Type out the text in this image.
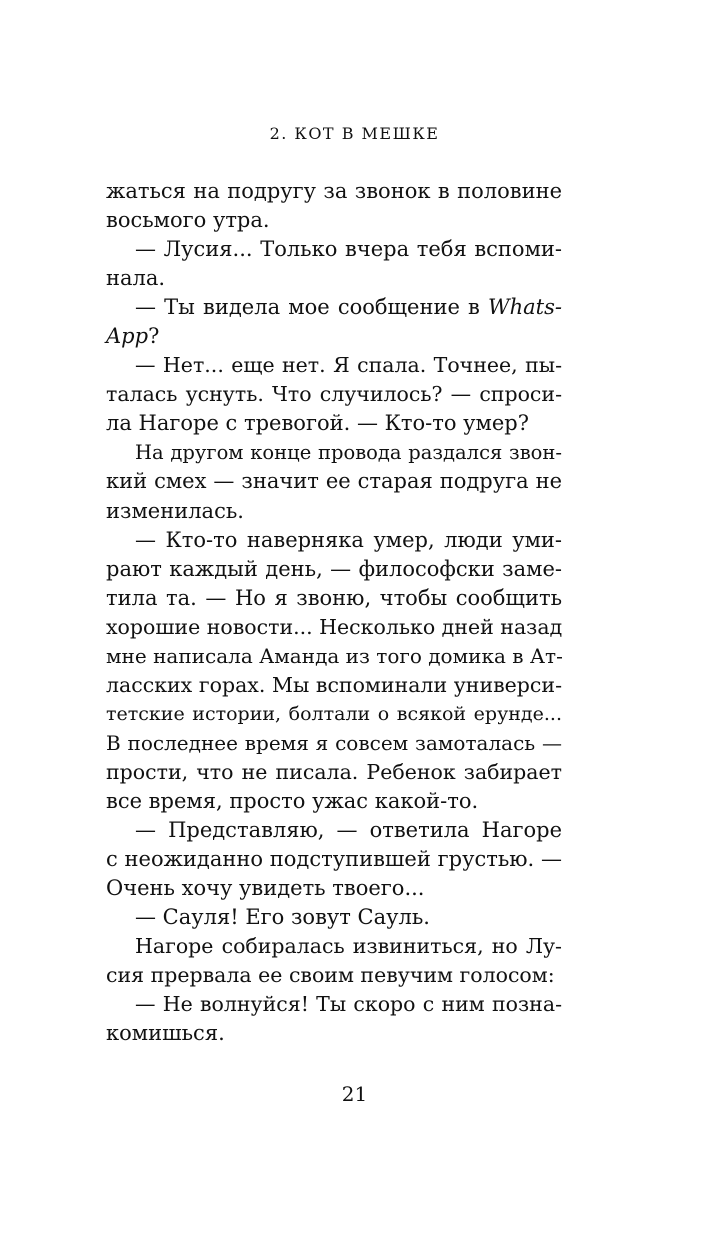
2. КОТ В МЕШКЕ
жаться на подругу за звонок в половине
восьмого утра.
— Лусия... Только вчера тебя вспоми-
нала.
— Ты видела мое сообщение в Whats-
App?
— Нет... еще нет. Я спала. Точнее, пы-
талась уснуть. Что случилось? — спроси-
ла Нагоре с тревогой. — Кто-то умер?
На другом конце провода раздался звон-
кий смех — значит ее старая подруга не
изменилась.
— Кто-то наверняка умер, люди уми-
рают каждый день, — философски заме-
тила та. — Но я звоню, чтобы сообщить
хорошие новости... Несколько дней назад
мне написала Аманда из того домика в Ат-
ласских горах. Мы вспоминали универси-
тетские истории, болтали о всякой ерунде...
В последнее время я совсем замоталась —
прости, что не писала. Ребенок забирает
все время, просто ужас какой-то.
— Представляю, — ответила Нагоре
с неожиданно подступившей грустью. —
Очень хочу увидеть твоего...
— Сауля! Его зовут Сауль.
Нагоре собиралась извиниться, но Лу-
сия прервала ее своим певучим голосом:
— Не волнуйся! Ты скоро с ним позна-
комишься.
21
